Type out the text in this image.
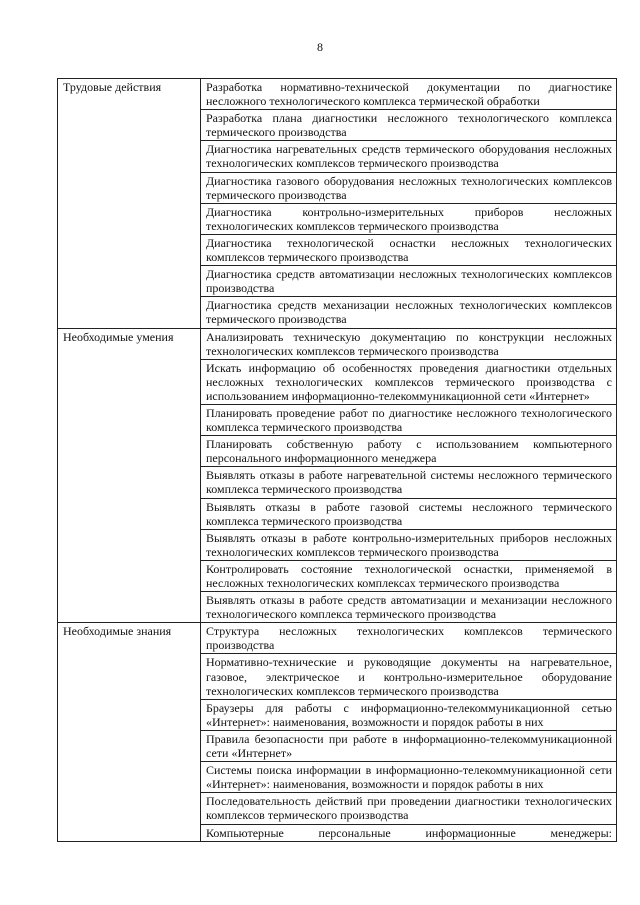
8
Трудовые действия	Разработка нормативно-технической документации по диагностике несложного технологического комплекса термической обработки

	Разработка плана диагностики несложного технологического комплекса термического производства

	Диагностика нагревательных средств термического оборудования несложных технологических комплексов термического производства

	Диагностика газового оборудования несложных технологических комплексов термического производства

	Диагностика контрольно-измерительных приборов несложных технологических комплексов термического производства

	Диагностика технологической оснастки несложных технологических комплексов термического производства

	Диагностика средств автоматизации несложных технологических комплексов производства

	Диагностика средств механизации несложных технологических комплексов термического производства

Необходимые умения	Анализировать техническую документацию по конструкции несложных технологических комплексов термического производства

	Искать информацию об особенностях проведения диагностики отдельных несложных технологических комплексов термического производства с использованием информационно-телекоммуникационной сети «Интернет»

	Планировать проведение работ по диагностике несложного технологического комплекса термического производства

	Планировать собственную работу с использованием компьютерного персонального информационного менеджера

	Выявлять отказы в работе нагревательной системы несложного термического комплекса термического производства

	Выявлять отказы в работе газовой системы несложного термического комплекса термического производства

	Выявлять отказы в работе контрольно-измерительных приборов несложных технологических комплексов термического производства

	Контролировать состояние технологической оснастки, применяемой в несложных технологических комплексах термического производства

	Выявлять отказы в работе средств автоматизации и механизации несложного технологического комплекса термического производства

Необходимые знания	Структура несложных технологических комплексов термического производства

	Нормативно-технические и руководящие документы на нагревательное, газовое, электрическое и контрольно-измерительное оборудование технологических комплексов термического производства

	Браузеры для работы с информационно-телекоммуникационной сетью «Интернет»: наименования, возможности и порядок работы в них

	Правила безопасности при работе в информационно-телекоммуникационной сети «Интернет»

	Системы поиска информации в информационно-телекоммуникационной сети «Интернет»: наименования, возможности и порядок работы в них

	Последовательность действий при проведении диагностики технологических комплексов термического производства

	Компьютерные персональные информационные менеджеры:
